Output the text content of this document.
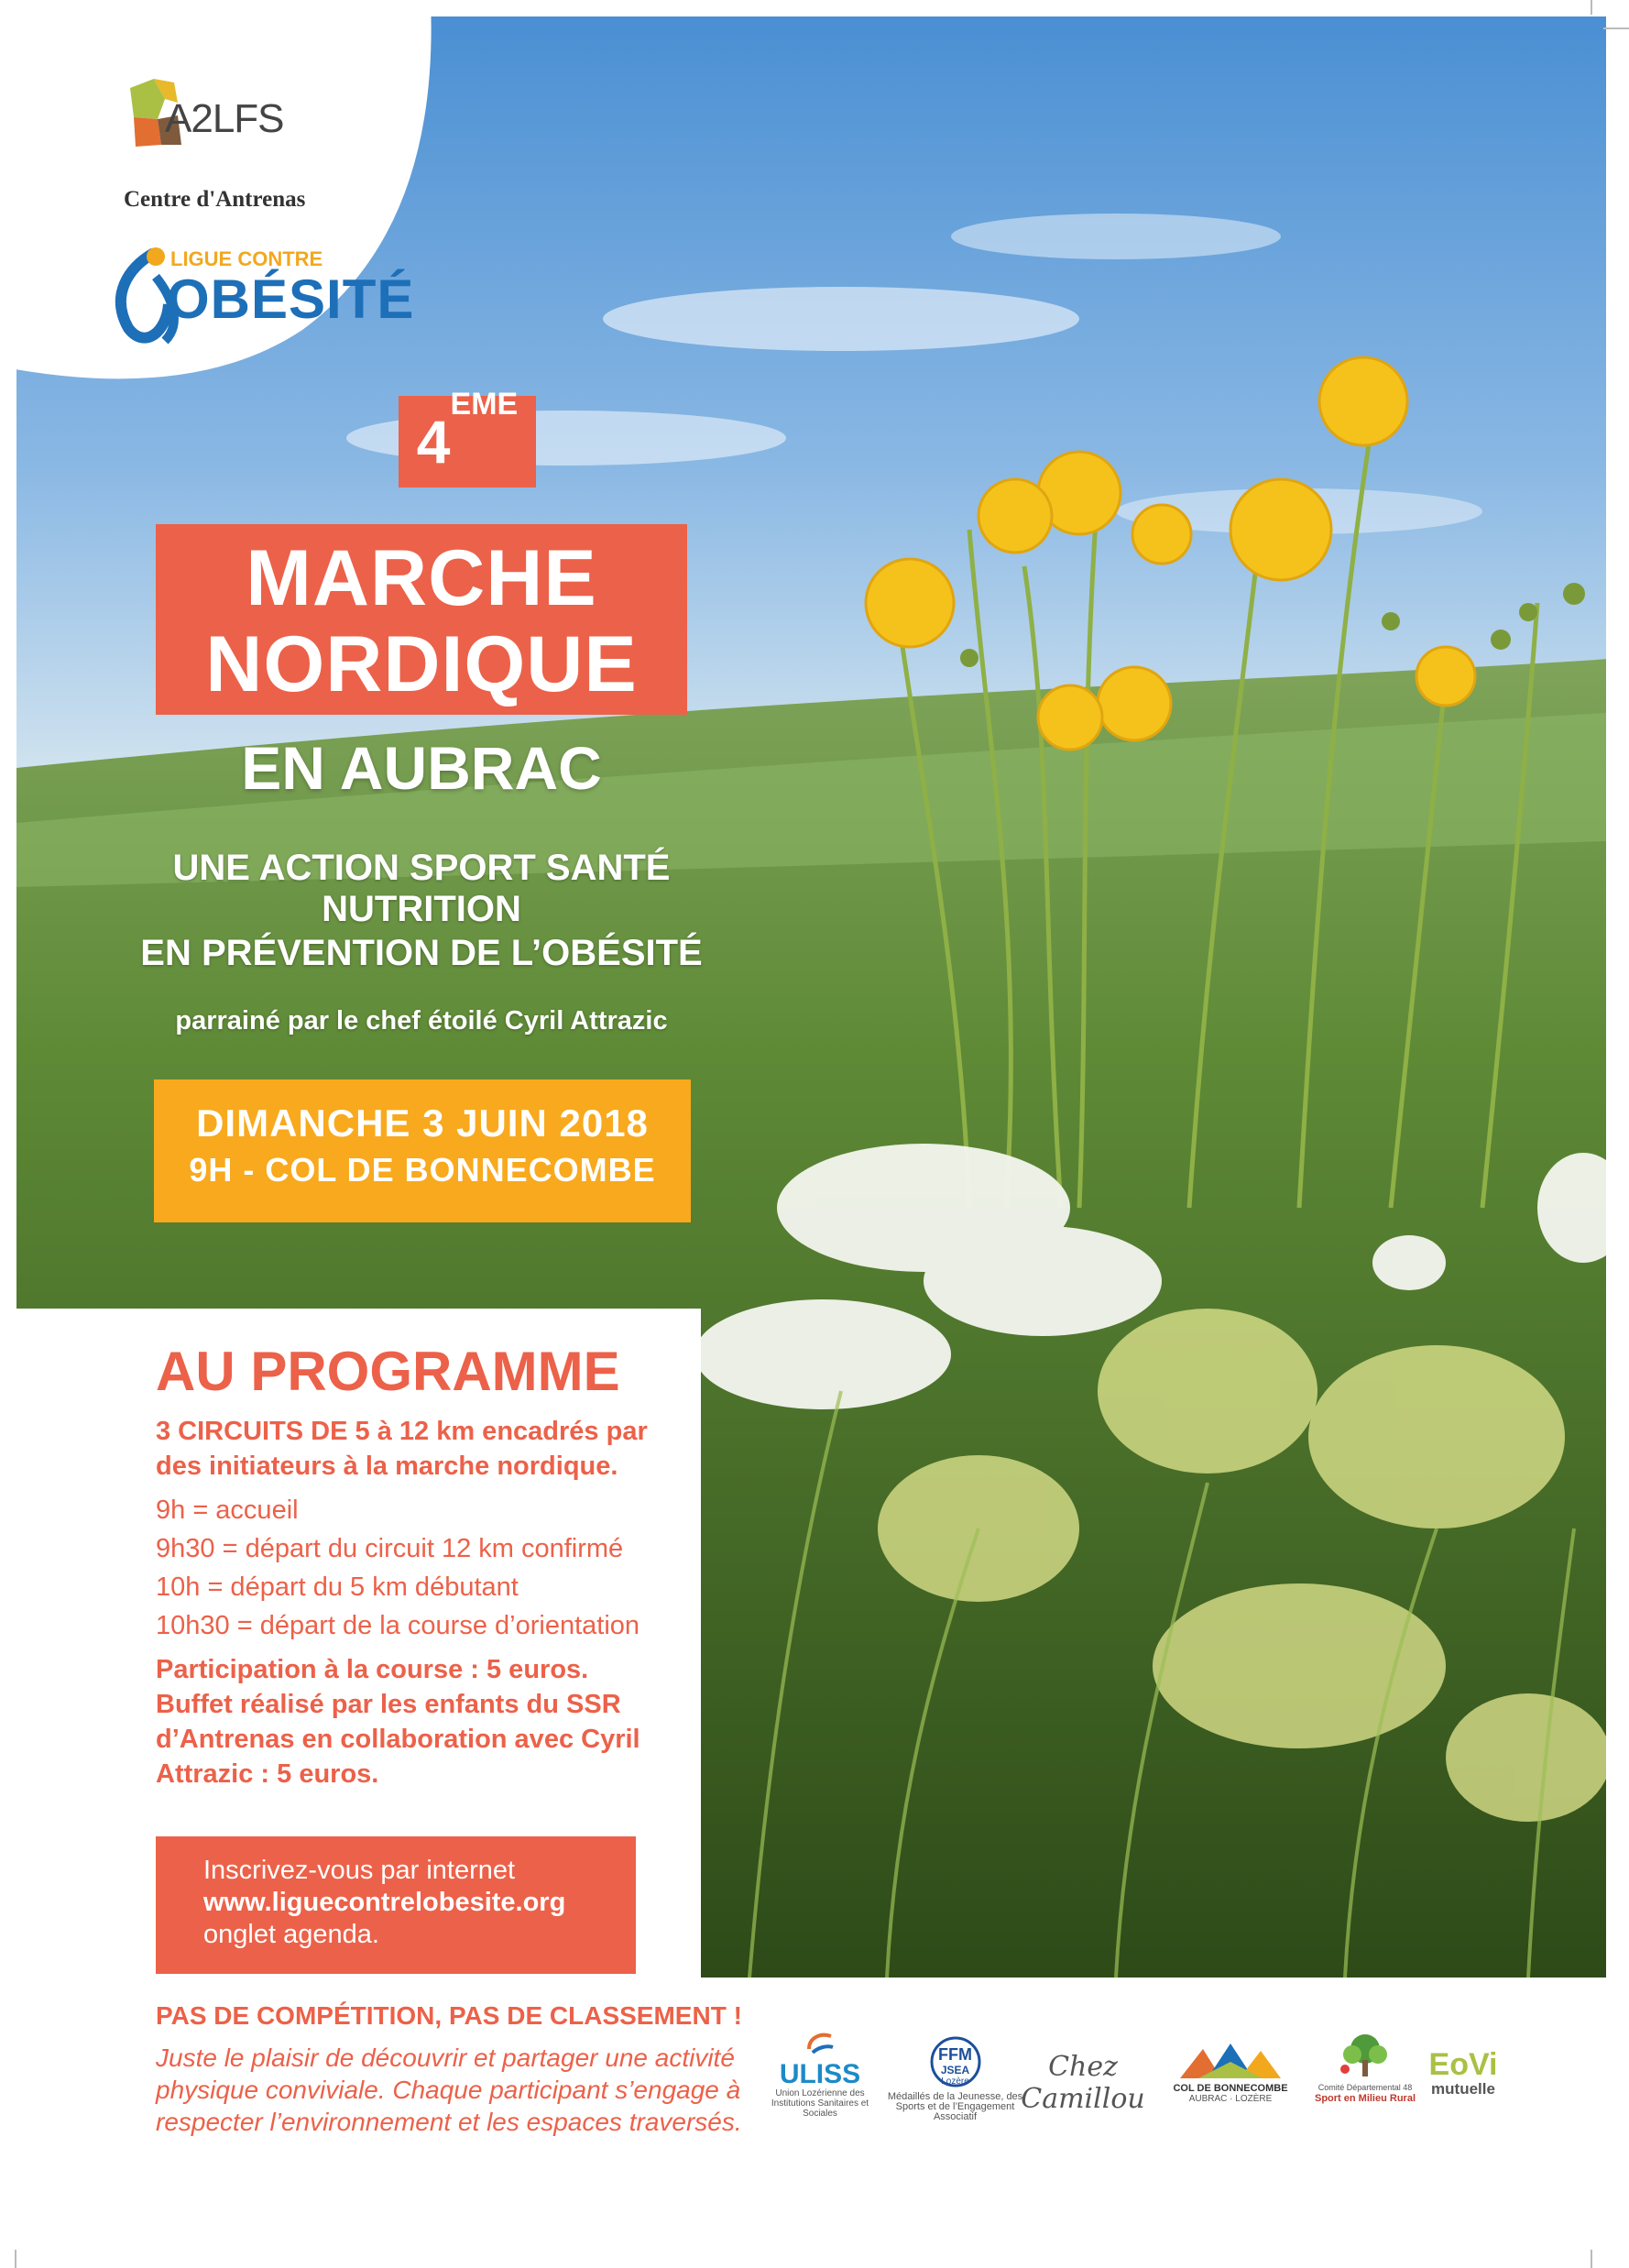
A2LFS
Centre d'Antrenas
LIGUE CONTRE
OBÉSITÉ
4EME
MARCHE
NORDIQUE
EN AUBRAC
UNE ACTION SPORT SANTÉ
NUTRITION
EN PRÉVENTION DE L’OBÉSITÉ
parrainé par le chef étoilé Cyril Attrazic
DIMANCHE 3 JUIN 2018
9H - COL DE BONNECOMBE
AU PROGRAMME
3 CIRCUITS DE 5 à 12 km encadrés par
des initiateurs à la marche nordique.
9h = accueil
9h30 = départ du circuit 12 km confirmé
10h = départ du 5 km débutant
10h30 = départ de la course d’orientation
Participation à la course : 5 euros.
Buffet réalisé par les enfants du SSR
d’Antrenas en collaboration avec Cyril
Attrazic : 5 euros.
Inscrivez-vous par internet
www.liguecontrelobesite.org
onglet agenda.
PAS DE COMPÉTITION, PAS DE CLASSEMENT !
Juste le plaisir de découvrir et partager une activité physique conviviale. Chaque participant s’engage à respecter l’environnement et les espaces traversés.
ULISS
Union Lozérienne des Institutions Sanitaires et Sociales
FFM
JSEA
Lozère
Médaillés de la Jeunesse, des Sports et de l’Engagement Associatif
Chez Camillou	COL DE BONNECOMBE
AUBRAC · LOZÈRE
Comité Départemental 48
Sport en Milieu Rural
EoVi
mutuelle
